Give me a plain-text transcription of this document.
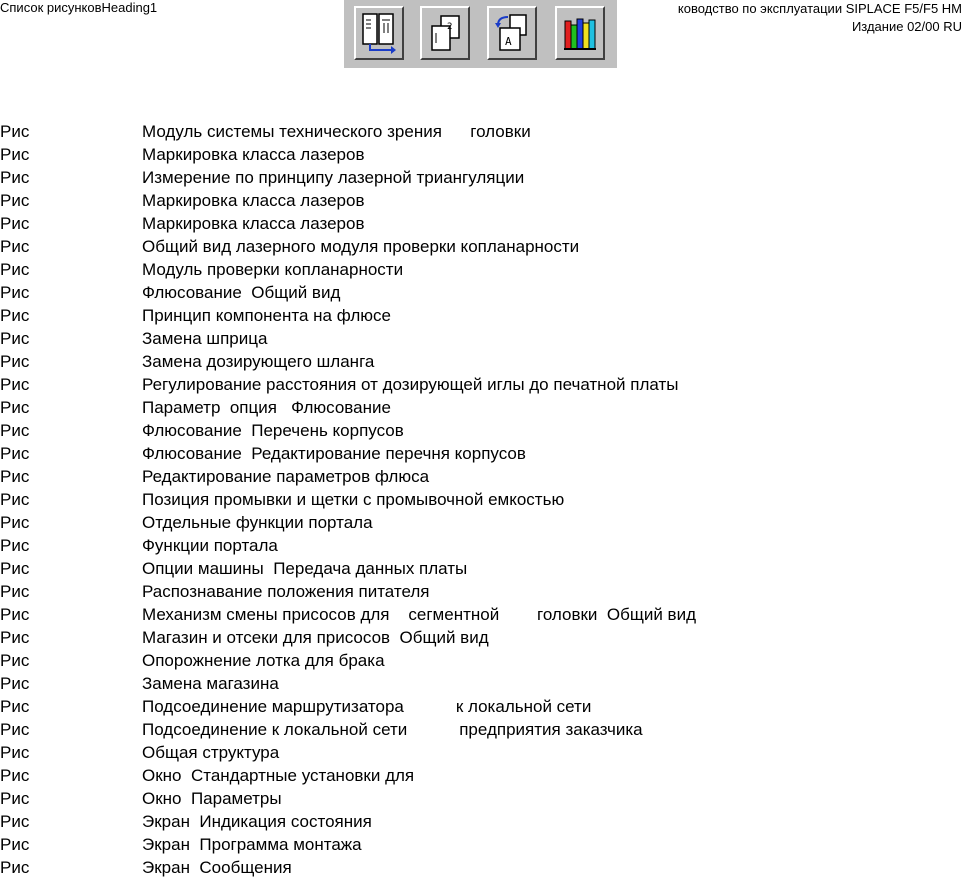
Список рисунковHeading1	ководство по эксплуатации SIPLACE F5/F5 HM
Издание 02/00 RU
2
A
Рис	Модуль системы технического зрения      головки
Рис	Маркировка класса лазеров
Рис	Измерение по принципу лазерной триангуляции
Рис	Маркировка класса лазеров
Рис	Маркировка класса лазеров
Рис	Общий вид лазерного модуля проверки копланарности
Рис	Модуль проверки копланарности
Рис	Флюсование  Общий вид
Рис	Принцип компонента на флюсе
Рис	Замена шприца
Рис	Замена дозирующего шланга
Рис	Регулирование расстояния от дозирующей иглы до печатной платы
Рис	Параметр  опция   Флюсование
Рис	Флюсование  Перечень корпусов
Рис	Флюсование  Редактирование перечня корпусов
Рис	Редактирование параметров флюса
Рис	Позиция промывки и щетки с промывочной емкостью
Рис	Отдельные функции портала
Рис	Функции портала
Рис	Опции машины  Передача данных платы
Рис	Распознавание положения питателя
Рис	Механизм смены присосов для    сегментной        головки  Общий вид
Рис	Магазин и отсеки для присосов  Общий вид
Рис	Опорожнение лотка для брака
Рис	Замена магазина
Рис	Подсоединение маршрутизатора           к локальной сети
Рис	Подсоединение к локальной сети           предприятия заказчика
Рис	Общая структура
Рис	Окно  Стандартные установки для
Рис	Окно  Параметры
Рис	Экран  Индикация состояния
Рис	Экран  Программа монтажа
Рис	Экран  Сообщения
